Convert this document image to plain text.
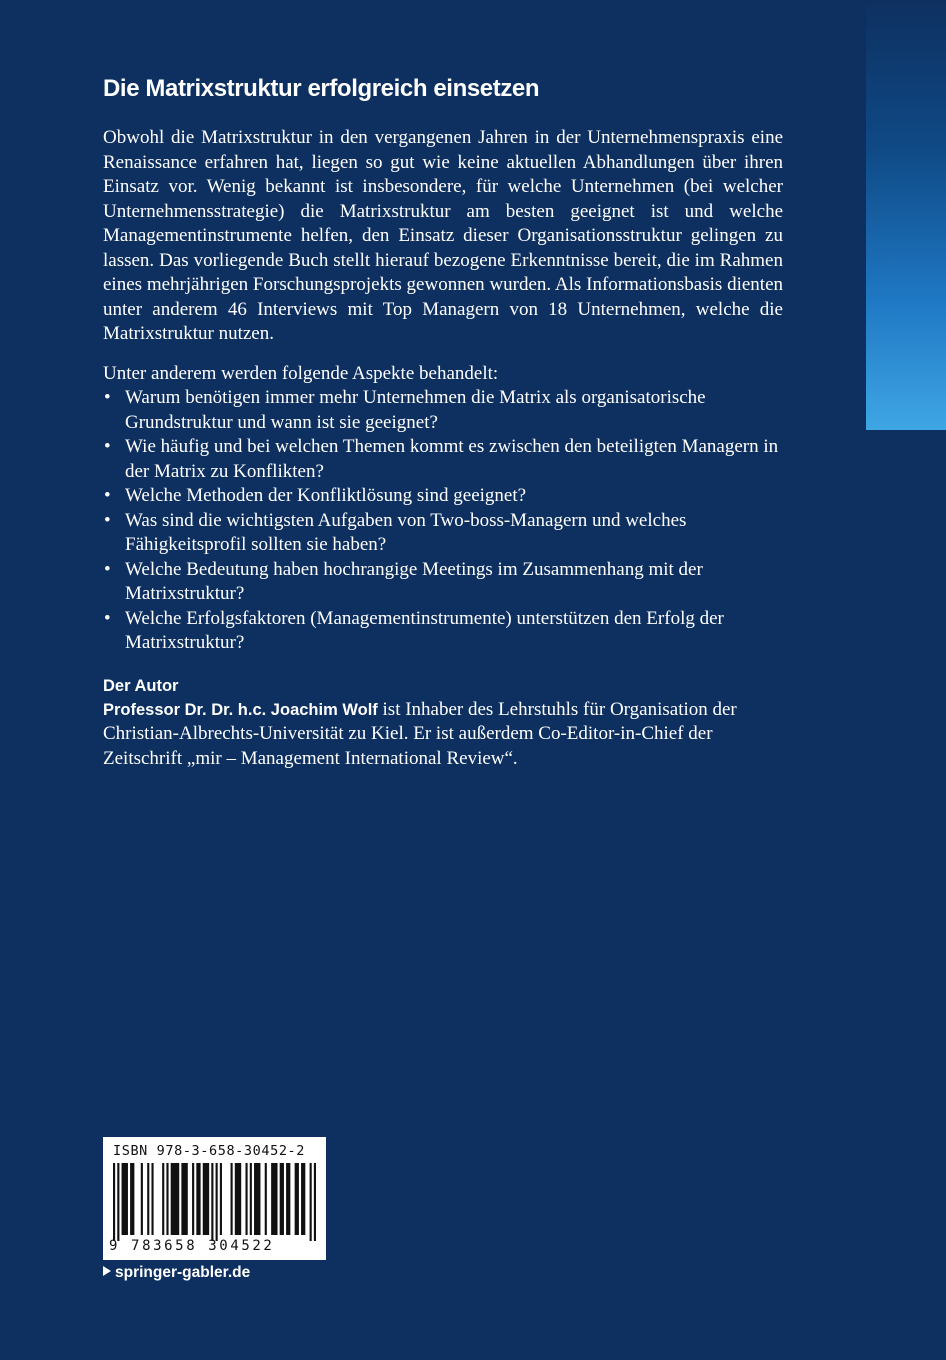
Die Matrixstruktur erfolgreich einsetzen

Obwohl die Matrixstruktur in den vergangenen Jahren in der Unternehmenspraxis eine Renaissance erfahren hat, liegen so gut wie keine aktuellen Abhandlungen über ihren Einsatz vor. Wenig bekannt ist insbesondere, für welche Unternehmen (bei welcher Unternehmensstrategie) die Matrixstruktur am besten geeignet ist und welche Managementinstrumente helfen, den Einsatz dieser Organisationsstruktur gelingen zu lassen. Das vorliegende Buch stellt hierauf bezogene Erkenntnisse bereit, die im Rahmen eines mehrjährigen Forschungsprojekts gewonnen wurden. Als Informationsbasis dienten unter anderem 46 Interviews mit Top Managern von 18 Unternehmen, welche die Matrixstruktur nutzen.

Unter anderem werden folgende Aspekte behandelt:

• Warum benötigen immer mehr Unternehmen die Matrix als organisatorische Grundstruktur und wann ist sie geeignet?
• Wie häufig und bei welchen Themen kommt es zwischen den beteiligten Managern in der Matrix zu Konflikten?
• Welche Methoden der Konfliktlösung sind geeignet?
• Was sind die wichtigsten Aufgaben von Two-boss-Managern und welches Fähigkeitsprofil sollten sie haben?
• Welche Bedeutung haben hochrangige Meetings im Zusammenhang mit der Matrixstruktur?
• Welche Erfolgsfaktoren (Managementinstrumente) unterstützen den Erfolg der Matrixstruktur?

Der Autor

Professor Dr. Dr. h.c. Joachim Wolf ist Inhaber des Lehrstuhls für Organisation der Christian-Albrechts-Universität zu Kiel. Er ist außerdem Co-Editor-in-Chief der Zeitschrift „mir – Management International Review“.

ISBN 978-3-658-30452-2
9 783658 304522
springer-gabler.de
